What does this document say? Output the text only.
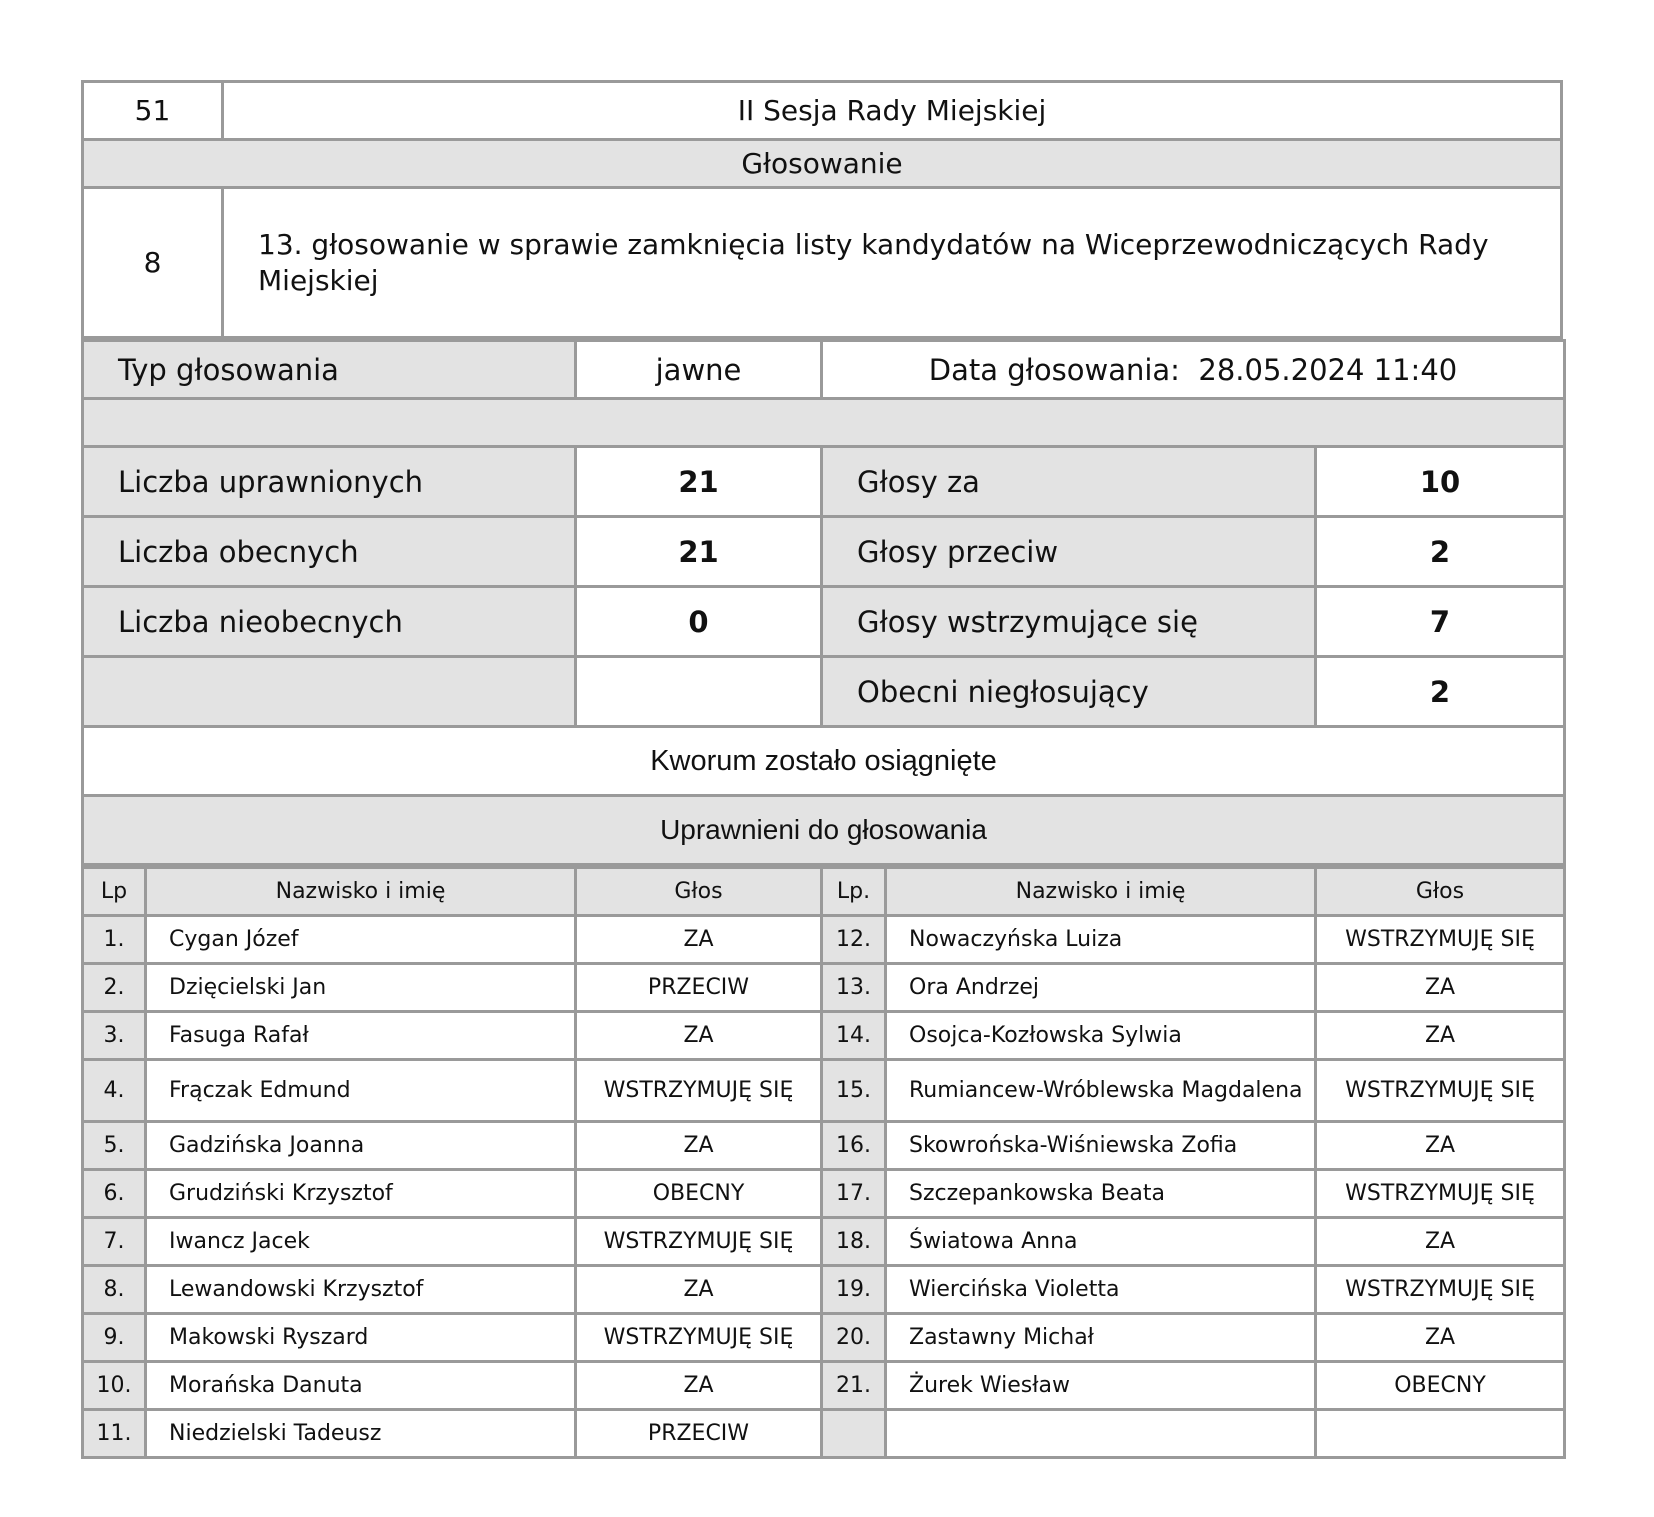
51	II Sesja Rady Miejskiej
Głosowanie	
8	13. głosowanie w sprawie zamknięcia listy kandydatów na Wiceprzewodniczących Rady Miejskiej
Typ głosowania	jawne	Data głosowania: 28.05.2024 11:40	

Liczba uprawnionych	21	Głosy za	10
Liczba obecnych	21	Głosy przeciw	2
Liczba nieobecnych	0	Głosy wstrzymujące się	7
		Obecni niegłosujący	2
Kworum zostało osiągnięte			
Uprawnieni do głosowania			
Lp	Nazwisko i imię	Głos	Lp.	Nazwisko i imię	Głos
1.	Cygan Józef	ZA	12.	Nowaczyńska Luiza	WSTRZYMUJĘ SIĘ
2.	Dzięcielski Jan	PRZECIW	13.	Ora Andrzej	ZA
3.	Fasuga Rafał	ZA	14.	Osojca-Kozłowska Sylwia	ZA
4.	Frączak Edmund	WSTRZYMUJĘ SIĘ	15.	Rumiancew-Wróblewska Magdalena	WSTRZYMUJĘ SIĘ
5.	Gadzińska Joanna	ZA	16.	Skowrońska-Wiśniewska Zofia	ZA
6.	Grudziński Krzysztof	OBECNY	17.	Szczepankowska Beata	WSTRZYMUJĘ SIĘ
7.	Iwancz Jacek	WSTRZYMUJĘ SIĘ	18.	Światowa Anna	ZA
8.	Lewandowski Krzysztof	ZA	19.	Wiercińska Violetta	WSTRZYMUJĘ SIĘ
9.	Makowski Ryszard	WSTRZYMUJĘ SIĘ	20.	Zastawny Michał	ZA
10.	Morańska Danuta	ZA	21.	Żurek Wiesław	OBECNY
11.	Niedzielski Tadeusz	PRZECIW			
